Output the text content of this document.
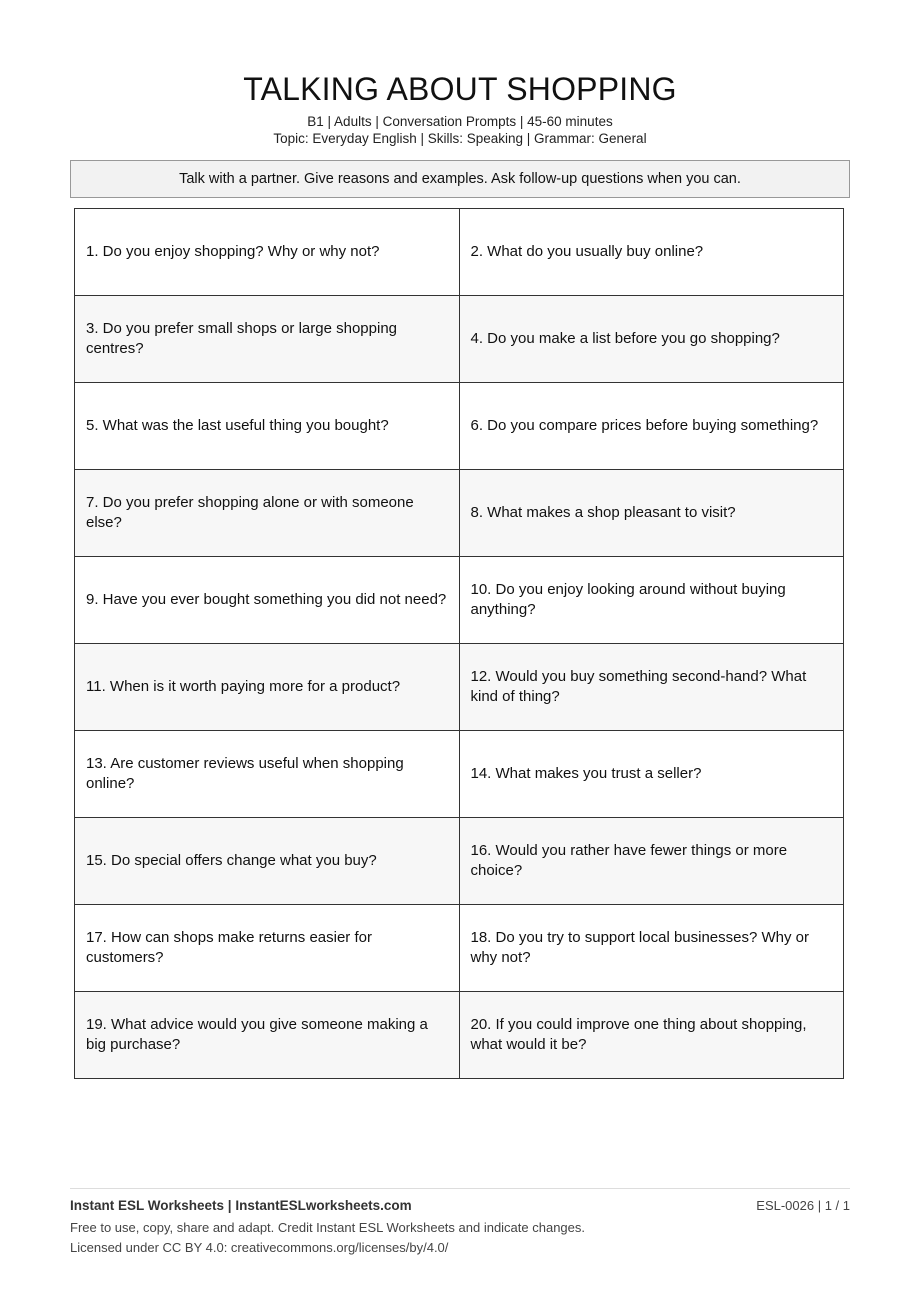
TALKING ABOUT SHOPPING
B1 | Adults | Conversation Prompts | 45-60 minutes
Topic: Everyday English | Skills: Speaking | Grammar: General
Talk with a partner. Give reasons and examples. Ask follow-up questions when you can.
1. Do you enjoy shopping? Why or why not?	2. What do you usually buy online?
3. Do you prefer small shops or large shopping centres?	4. Do you make a list before you go shopping?
5. What was the last useful thing you bought?	6. Do you compare prices before buying something?
7. Do you prefer shopping alone or with someone else?	8. What makes a shop pleasant to visit?
9. Have you ever bought something you did not need?	10. Do you enjoy looking around without buying anything?
11. When is it worth paying more for a product?	12. Would you buy something second-hand? What kind of thing?
13. Are customer reviews useful when shopping online?	14. What makes you trust a seller?
15. Do special offers change what you buy?	16. Would you rather have fewer things or more choice?
17. How can shops make returns easier for customers?	18. Do you try to support local businesses? Why or why not?
19. What advice would you give someone making a big purchase?	20. If you could improve one thing about shopping, what would it be?
Instant ESL Worksheets | InstantESLworksheets.com	ESL-0026 | 1 / 1
Free to use, copy, share and adapt. Credit Instant ESL Worksheets and indicate changes.
Licensed under CC BY 4.0: creativecommons.org/licenses/by/4.0/
